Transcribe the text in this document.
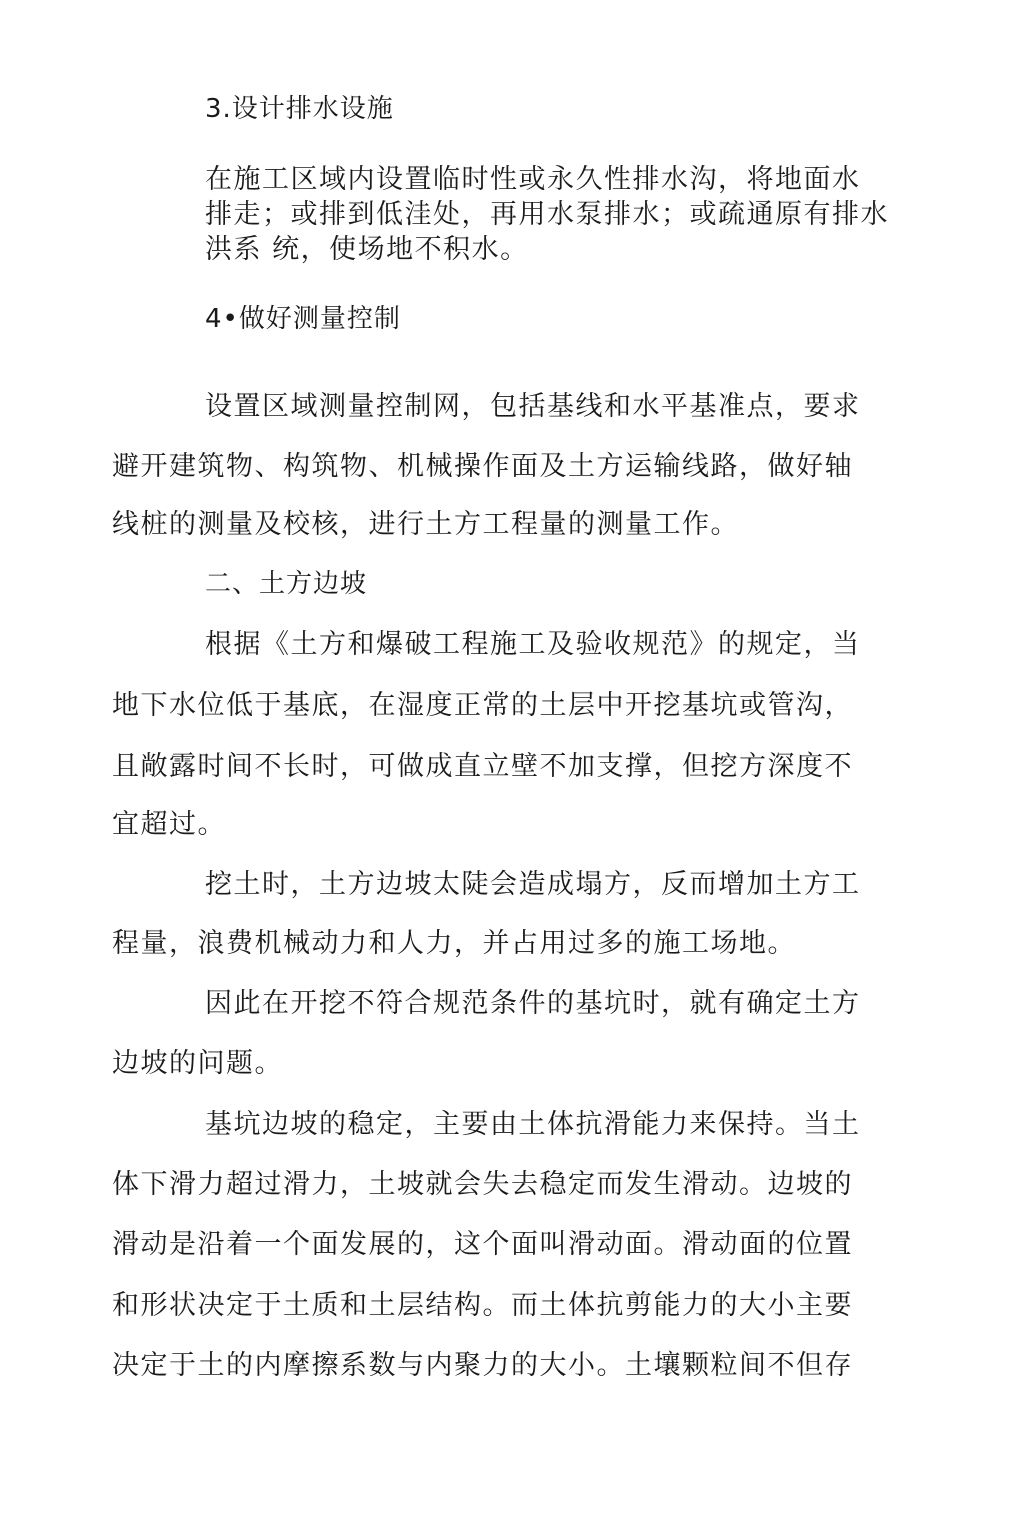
3.设计排水设施
在施工区域内设置临时性或永久性排水沟，将地面水
排走；或排到低洼处，再用水泵排水；或疏通原有排水
洪系 统，使场地不积水。
4•做好测量控制
设置区域测量控制网，包括基线和水平基准点，要求
避开建筑物、构筑物、机械操作面及土方运输线路，做好轴
线桩的测量及校核，进行土方工程量的测量工作。
二、土方边坡
根据《土方和爆破工程施工及验收规范》的规定，当
地下水位低于基底，在湿度正常的土层中开挖基坑或管沟，
且敞露时间不长时，可做成直立壁不加支撑，但挖方深度不
宜超过。
挖土时，土方边坡太陡会造成塌方，反而增加土方工
程量，浪费机械动力和人力，并占用过多的施工场地。
因此在开挖不符合规范条件的基坑时，就有确定土方
边坡的问题。
基坑边坡的稳定，主要由土体抗滑能力来保持。当土
体下滑力超过滑力，土坡就会失去稳定而发生滑动。边坡的
滑动是沿着一个面发展的，这个面叫滑动面。滑动面的位置
和形状决定于土质和土层结构。而土体抗剪能力的大小主要
决定于土的内摩擦系数与内聚力的大小。土壤颗粒间不但存
